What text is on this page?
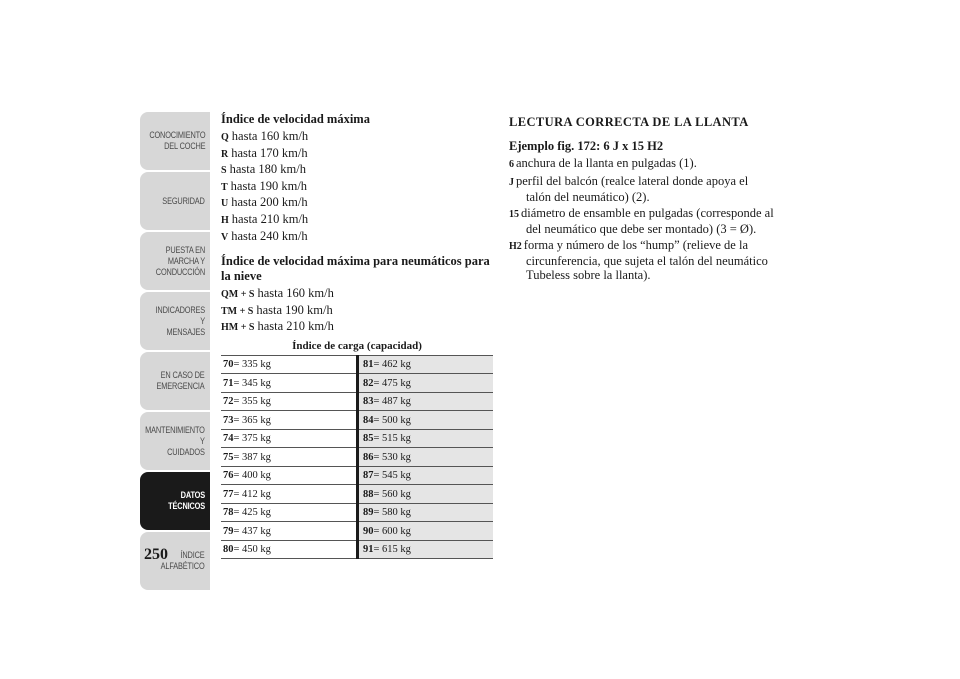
CONOCIMIENTO
DEL COCHE
SEGURIDAD
PUESTA EN
MARCHA Y
CONDUCCIÓN
INDICADORES Y
MENSAJES
EN CASO DE
EMERGENCIA
MANTENIMIENTO Y
CUIDADOS
DATOS TÉCNICOS
ÍNDICE
ALFABÉTICO
250
Índice de velocidad máxima
Q hasta 160 km/h
R hasta 170 km/h
S hasta 180 km/h
T hasta 190 km/h
U hasta 200 km/h
H hasta 210 km/h
V hasta 240 km/h
Índice de velocidad máxima para neumáticos para la nieve
QM + S hasta 160 km/h
TM + S hasta 190 km/h
HM + S hasta 210 km/h
Índice de carga (capacidad)
70= 335 kg	81= 462 kg
71= 345 kg	82= 475 kg
72= 355 kg	83= 487 kg
73= 365 kg	84= 500 kg
74= 375 kg	85= 515 kg
75= 387 kg	86= 530 kg
76= 400 kg	87= 545 kg
77= 412 kg	88= 560 kg
78= 425 kg	89= 580 kg
79= 437 kg	90= 600 kg
80= 450 kg	91= 615 kg
LECTURA CORRECTA DE LA LLANTA
Ejemplo fig. 172: 6 J x 15 H2
6 anchura de la llanta en pulgadas (1).
J perfil del balcón (realce lateral donde apoya el talón del neumático) (2).
15 diámetro de ensamble en pulgadas (corresponde al del neumático que debe ser montado) (3 = Ø).
H2 forma y número de los “hump” (relieve de la circunferencia, que sujeta el talón del neumático Tubeless sobre la llanta).
